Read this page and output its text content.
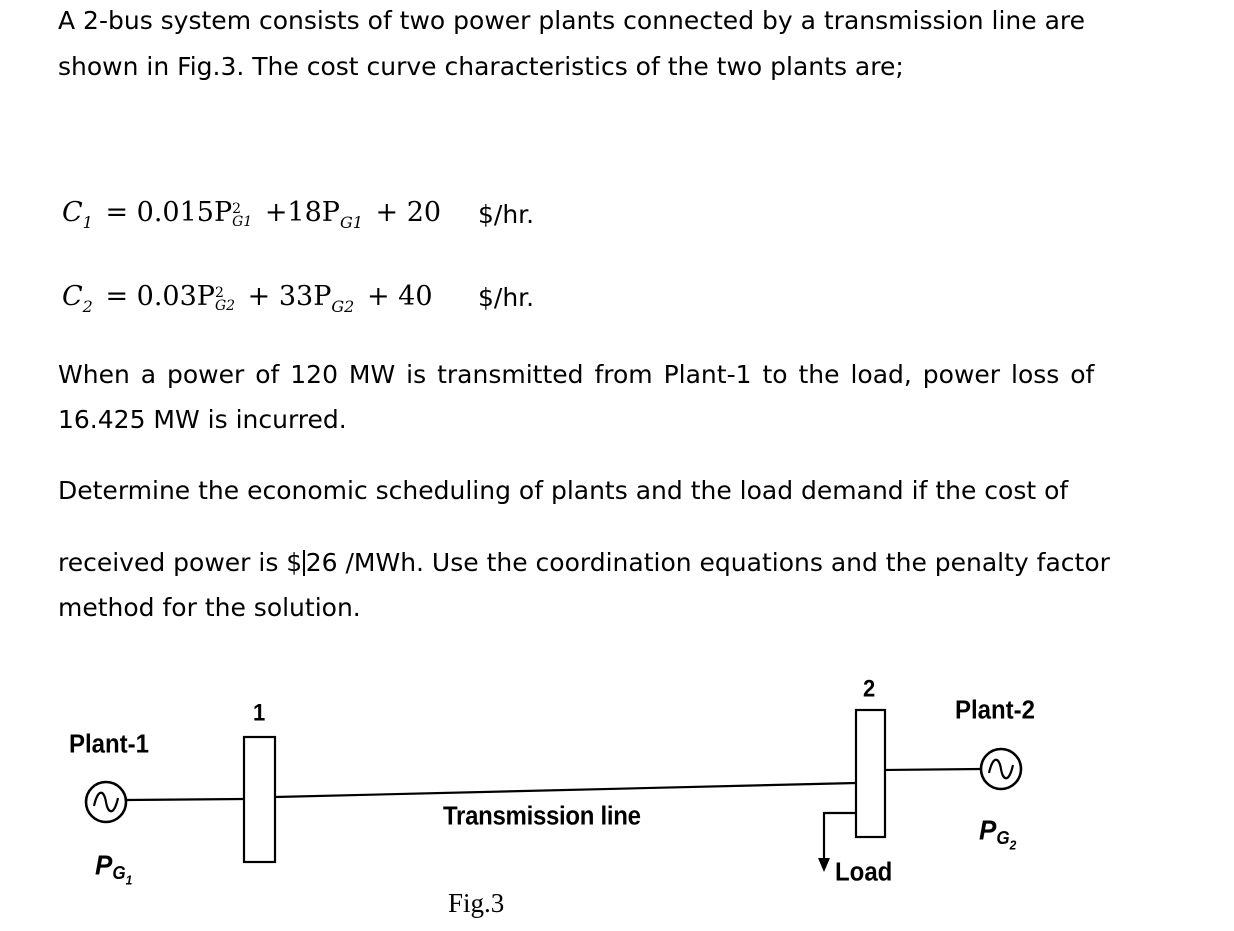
A 2-bus system consists of two power plants connected by a transmission line are
shown in Fig.3. The cost curve characteristics of the two plants are;
$C_1 = 0.015P$ 2
$G1 +18P_{G1} + 20$ $/hr.
$C_2 = 0.03P$ 2
$G2 + 33P_{G2} + 40$ $/hr.
When a power of 120 MW is transmitted from Plant-1 to the load, power loss of
16.425 MW is incurred.
Determine the economic scheduling of plants and the load demand if the cost of
received power is $ 26 /MWh. Use the coordination equations and the penalty factor
method for the solution.
Plant-1
Plant-2
1
2
$PG_1$
$PG_2$
Transmission line
Load
Fig.3
